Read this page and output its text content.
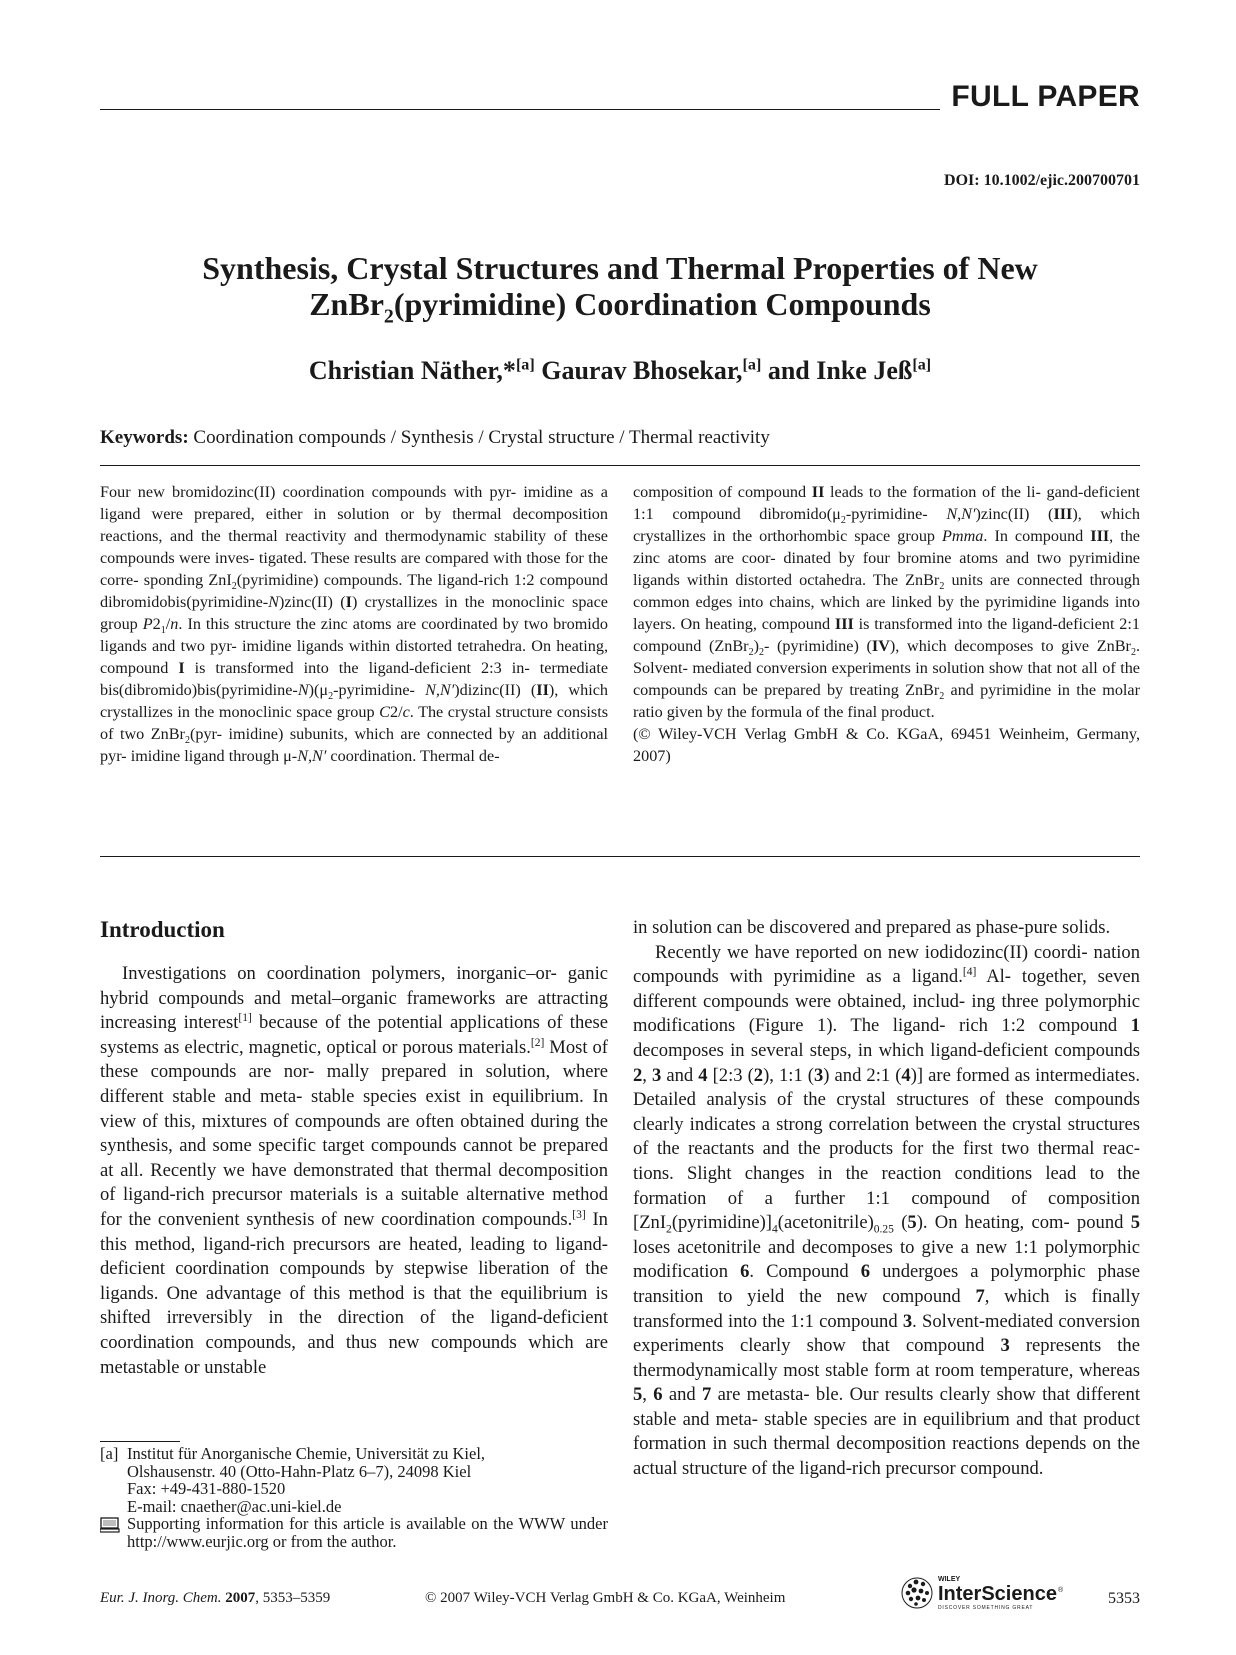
FULL PAPER
DOI: 10.1002/ejic.200700701
Synthesis, Crystal Structures and Thermal Properties of New
ZnBr$_2$(pyrimidine) Coordination Compounds
Christian Näther,*[a] Gaurav Bhosekar,[a] and Inke Jeß[a]
Keywords: Coordination compounds / Synthesis / Crystal structure / Thermal reactivity
Four new bromidozinc(II) coordination compounds with pyr- imidine as a ligand were prepared, either in solution or by thermal decomposition reactions, and the thermal reactivity and thermodynamic stability of these compounds were inves- tigated. These results are compared with those for the corre- sponding ZnI$_2$(pyrimidine) compounds. The ligand-rich 1:2 compound dibromidobis(pyrimidine-N)zinc(II) (I) crystallizes in the monoclinic space group $P2_1/n$. In this structure the zinc atoms are coordinated by two bromido ligands and two pyr- imidine ligands within distorted tetrahedra. On heating, compound I is transformed into the ligand-deficient 2:3 in- termediate $bis(dibromido)bis(pyrimidine-N)(\mu_2-pyrimidine-$ N,N′)dizinc(II) (II), which crystallizes in the monoclinic space group C2/c. The crystal structure consists of two ZnBr$_2$(pyr- imidine) subunits, which are connected by an additional pyr- imidine ligand through μ-N,N′ coordination. Thermal de-
composition of compound II leads to the formation of the li- gand-deficient 1:1 compound $dibromido(\mu_2-pyrimidine-$ N,N′)zinc(II) (III), which crystallizes in the orthorhombic space group Pmma. In compound III, the zinc atoms are coor- dinated by four bromine atoms and two pyrimidine ligands within distorted octahedra. The ZnBr$_2$ units are connected through common edges into chains, which are linked by the pyrimidine ligands into layers. On heating, compound III is transformed into the ligand-deficient 2:1 compound $(ZnBr_2)_2-$ (pyrimidine) (IV), which decomposes to give ZnBr$_2$. Solvent- mediated conversion experiments in solution show that not all of the compounds can be prepared by treating ZnBr$_2$ and pyrimidine in the molar ratio given by the formula of the final product.
(© Wiley-VCH Verlag GmbH & Co. KGaA, 69451 Weinheim, Germany, 2007)
Introduction

Investigations on coordination polymers, inorganic–or- ganic hybrid compounds and metal–organic frameworks are attracting increasing interest[1] because of the potential applications of these systems as electric, magnetic, optical or porous materials.[2] Most of these compounds are nor- mally prepared in solution, where different stable and meta- stable species exist in equilibrium. In view of this, mixtures of compounds are often obtained during the synthesis, and some specific target compounds cannot be prepared at all. Recently we have demonstrated that thermal decomposition of ligand-rich precursor materials is a suitable alternative method for the convenient synthesis of new coordination compounds.[3] In this method, ligand-rich precursors are heated, leading to ligand-deficient coordination compounds by stepwise liberation of the ligands. One advantage of this method is that the equilibrium is shifted irreversibly in the direction of the ligand-deficient coordination compounds, and thus new compounds which are metastable or unstable

in solution can be discovered and prepared as phase-pure solids.

Recently we have reported on new iodidozinc(II) coordi- nation compounds with pyrimidine as a ligand.[4] Al- together, seven different compounds were obtained, includ- ing three polymorphic modifications (Figure 1). The ligand- rich 1:2 compound 1 decomposes in several steps, in which ligand-deficient compounds 2, 3 and 4 [2:3 (2), 1:1 (3) and 2:1 (4)] are formed as intermediates. Detailed analysis of the crystal structures of these compounds clearly indicates a strong correlation between the crystal structures of the reactants and the products for the first two thermal reac- tions. Slight changes in the reaction conditions lead to the formation of a further 1:1 compound of composition $[ZnI_2(pyrimidine)]_4(acetonitrile)_{0.25}$ (5). On heating, com- pound 5 loses acetonitrile and decomposes to give a new 1:1 polymorphic modification 6. Compound 6 undergoes a polymorphic phase transition to yield the new compound 7, which is finally transformed into the 1:1 compound 3. Solvent-mediated conversion experiments clearly show that compound 3 represents the thermodynamically most stable form at room temperature, whereas 5, 6 and 7 are metasta- ble. Our results clearly show that different stable and meta- stable species are in equilibrium and that product formation in such thermal decomposition reactions depends on the actual structure of the ligand-rich precursor compound.

[a] Institut für Anorganische Chemie, Universität zu Kiel,
Olshausenstr. 40 (Otto-Hahn-Platz 6–7), 24098 Kiel
Fax: +49-431-880-1520
E-mail: cnaether@ac.uni-kiel.de
Supporting information for this article is available on the WWW under http://www.eurjic.org or from the author.
Eur. J. Inorg. Chem. 2007, 5353–5359	© 2007 Wiley-VCH Verlag GmbH & Co. KGaA, Weinheim
WILEY
InterScience ®
DISCOVER SOMETHING GREAT
5353
